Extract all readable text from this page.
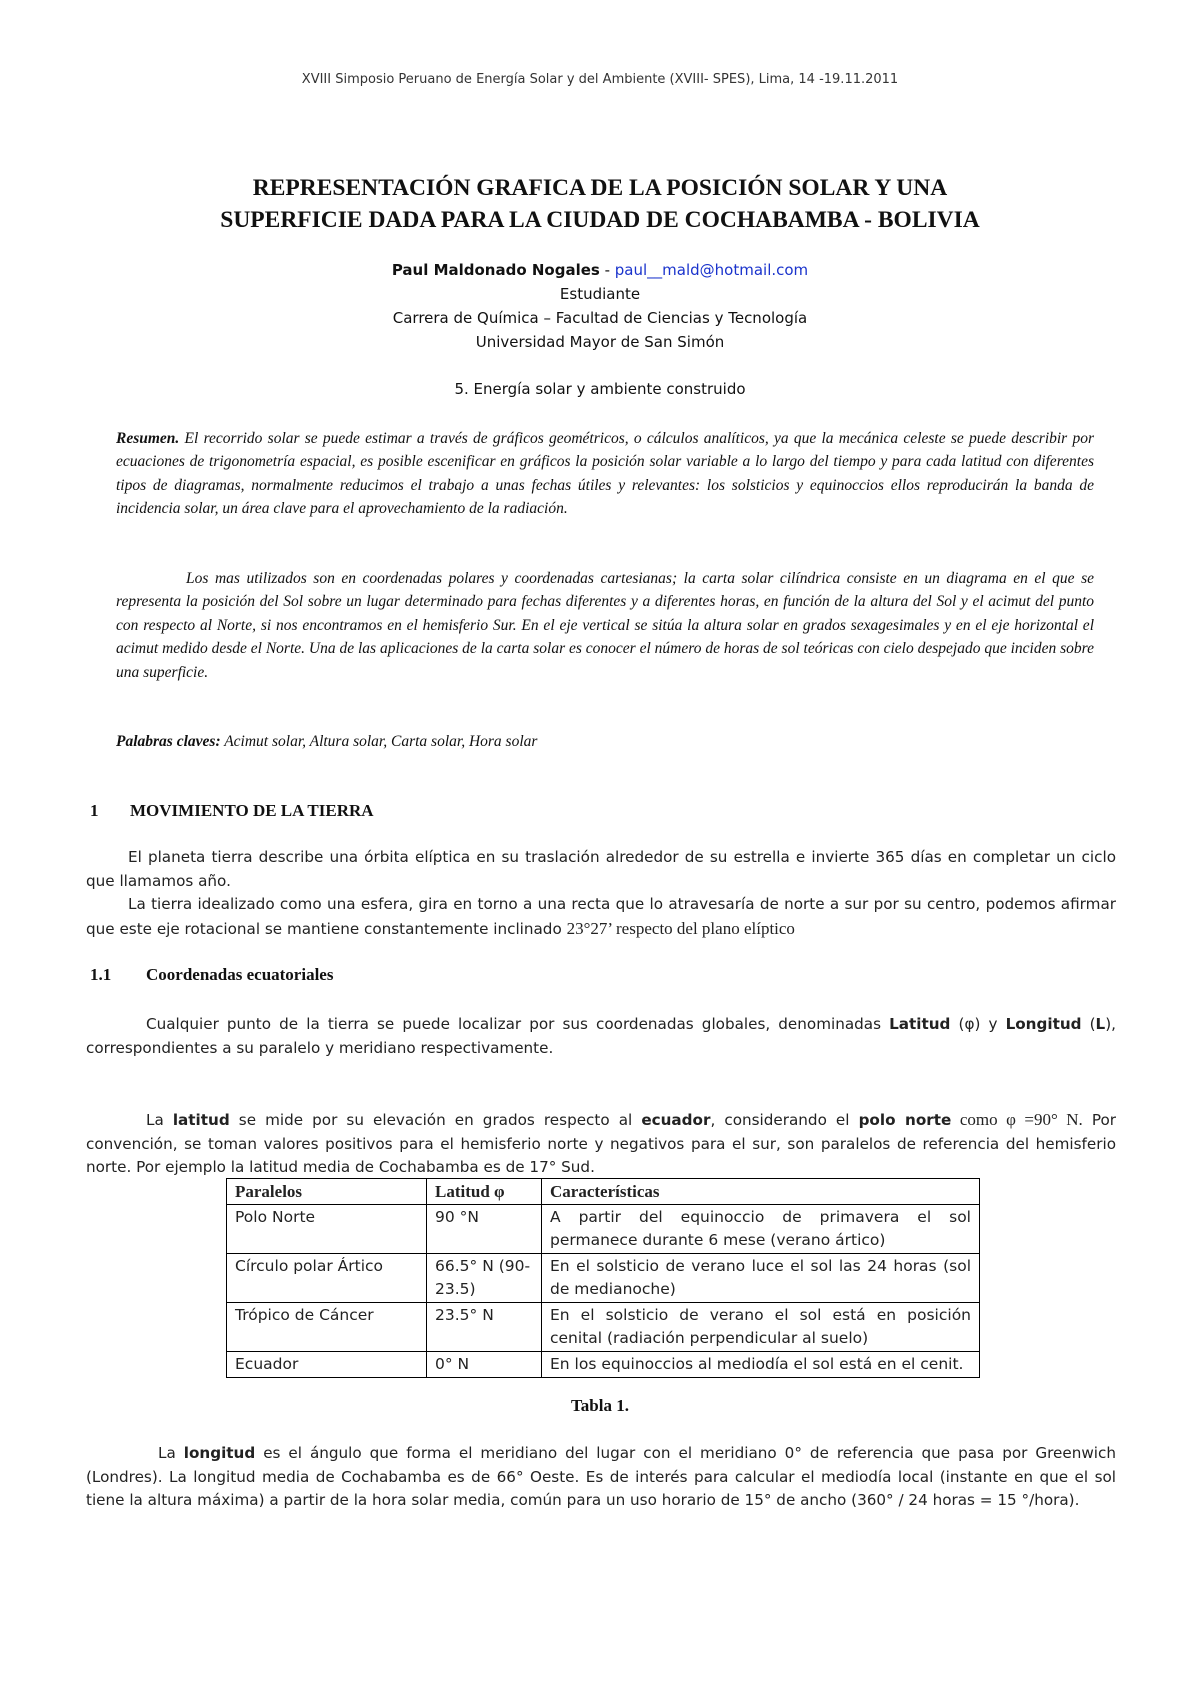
XVIII Simposio Peruano de Energía Solar y del Ambiente (XVIII- SPES), Lima, 14 -19.11.2011
REPRESENTACIÓN GRAFICA DE LA POSICIÓN SOLAR Y UNA
SUPERFICIE DADA PARA LA CIUDAD DE COCHABAMBA - BOLIVIA
Paul Maldonado Nogales - paul__mald@hotmail.com
Estudiante
Carrera de Química – Facultad de Ciencias y Tecnología
Universidad Mayor de San Simón
5. Energía solar y ambiente construido
Resumen. El recorrido solar se puede estimar a través de gráficos geométricos, o cálculos analíticos, ya que la mecánica celeste se puede describir por ecuaciones de trigonometría espacial, es posible escenificar en gráficos la posición solar variable a lo largo del tiempo y para cada latitud con diferentes tipos de diagramas, normalmente reducimos el trabajo a unas fechas útiles y relevantes: los solsticios y equinoccios ellos reproducirán la banda de incidencia solar, un área clave para el aprovechamiento de la radiación.
Los mas utilizados son en coordenadas polares y coordenadas cartesianas; la carta solar cilíndrica consiste en un diagrama en el que se representa la posición del Sol sobre un lugar determinado para fechas diferentes y a diferentes horas, en función de la altura del Sol y el acimut del punto con respecto al Norte, si nos encontramos en el hemisferio Sur. En el eje vertical se sitúa la altura solar en grados sexagesimales y en el eje horizontal el acimut medido desde el Norte. Una de las aplicaciones de la carta solar es conocer el número de horas de sol teóricas con cielo despejado que inciden sobre una superficie.
Palabras claves: Acimut solar, Altura solar, Carta solar, Hora solar
1 MOVIMIENTO DE LA TIERRA
El planeta tierra describe una órbita elíptica en su traslación alrededor de su estrella e invierte 365 días en completar un ciclo que llamamos año.
La tierra idealizado como una esfera, gira en torno a una recta que lo atravesaría de norte a sur por su centro, podemos afirmar que este eje rotacional se mantiene constantemente inclinado 23°27’ respecto del plano elíptico
1.1 Coordenadas ecuatoriales
Cualquier punto de la tierra se puede localizar por sus coordenadas globales, denominadas Latitud (φ) y Longitud (L), correspondientes a su paralelo y meridiano respectivamente.
La latitud se mide por su elevación en grados respecto al ecuador, considerando el polo norte como φ =90° N. Por convención, se toman valores positivos para el hemisferio norte y negativos para el sur, son paralelos de referencia del hemisferio norte. Por ejemplo la latitud media de Cochabamba es de 17° Sud.
Paralelos	Latitud φ	Características
Polo Norte	90 °N	A partir del equinoccio de primavera el sol permanece durante 6 mese (verano ártico)
Círculo polar Ártico	66.5° N (90-23.5)	En el solsticio de verano luce el sol las 24 horas (sol de medianoche)
Trópico de Cáncer	23.5° N	En el solsticio de verano el sol está en posición cenital (radiación perpendicular al suelo)
Ecuador	0° N	En los equinoccios al mediodía el sol está en el cenit.
Tabla 1.
La longitud es el ángulo que forma el meridiano del lugar con el meridiano 0° de referencia que pasa por Greenwich (Londres). La longitud media de Cochabamba es de 66° Oeste. Es de interés para calcular el mediodía local (instante en que el sol tiene la altura máxima) a partir de la hora solar media, común para un uso horario de 15° de ancho (360° / 24 horas = 15 °/hora).
